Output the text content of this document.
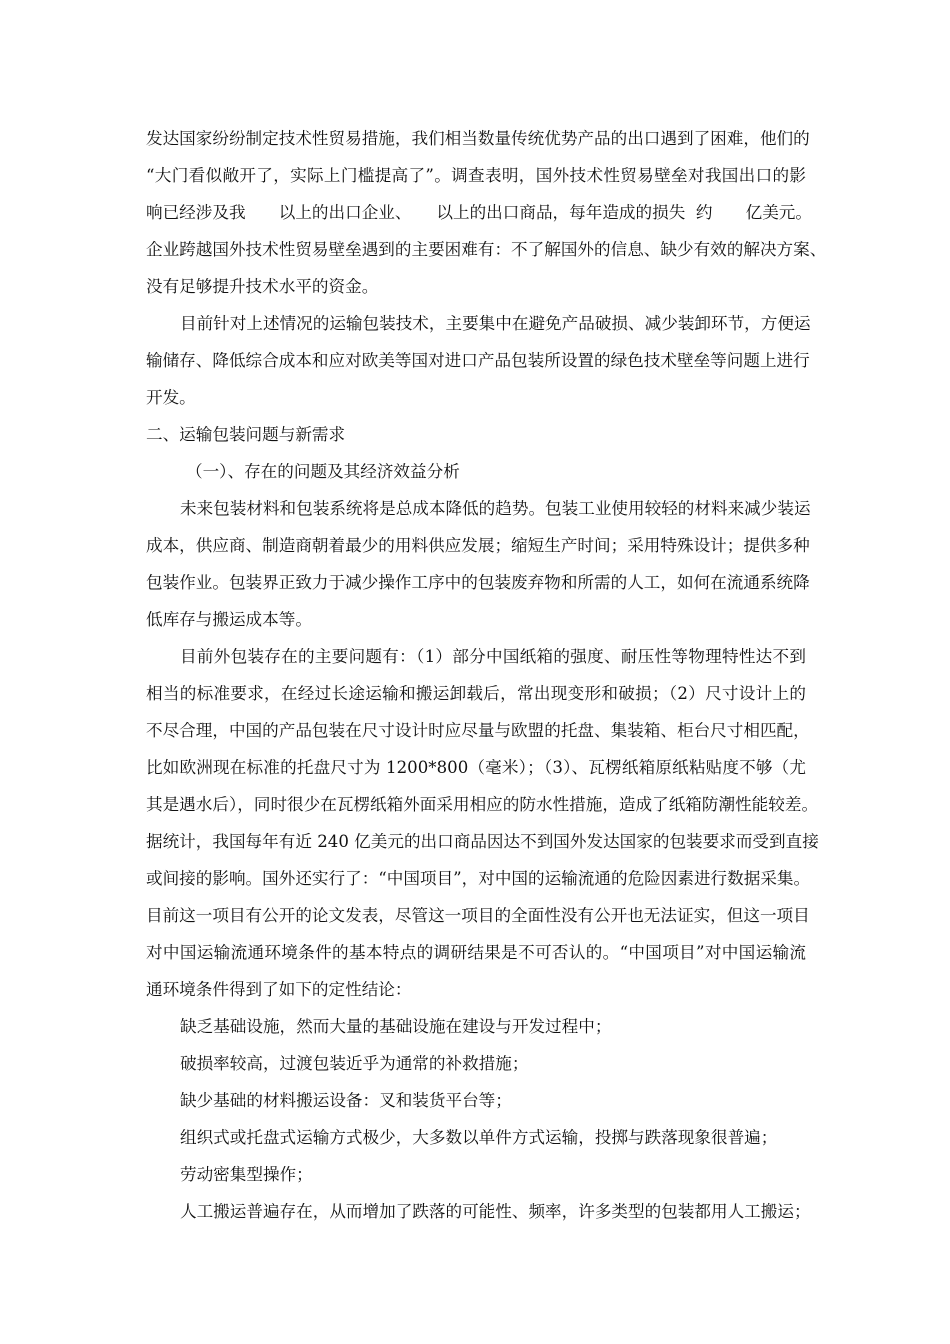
发达国家纷纷制定技术性贸易措施，我们相当数量传统优势产品的出口遇到了困难，他们的
“大门看似敞开了，实际上门槛提高了”。调查表明，国外技术性贸易壁垒对我国出口的影
响已经涉及我　　以上的出口企业、　　以上的出口商品，每年造成的损失  约　　亿美元。
企业跨越国外技术性贸易壁垒遇到的主要困难有：不了解国外的信息、缺少有效的解决方案、
没有足够提升技术水平的资金。
目前针对上述情况的运输包装技术，主要集中在避免产品破损、减少装卸环节，方便运
输储存、降低综合成本和应对欧美等国对进口产品包装所设置的绿色技术壁垒等问题上进行
开发。
二、运输包装问题与新需求
（一）、存在的问题及其经济效益分析
未来包装材料和包装系统将是总成本降低的趋势。包装工业使用较轻的材料来减少装运
成本，供应商、制造商朝着最少的用料供应发展；缩短生产时间；采用特殊设计；提供多种
包装作业。包装界正致力于减少操作工序中的包装废弃物和所需的人工，如何在流通系统降
低库存与搬运成本等。
目前外包装存在的主要问题有：（1）部分中国纸箱的强度、耐压性等物理特性达不到
相当的标准要求，在经过长途运输和搬运卸载后，常出现变形和破损；（2）尺寸设计上的
不尽合理，中国的产品包装在尺寸设计时应尽量与欧盟的托盘、集装箱、柜台尺寸相匹配，
比如欧洲现在标准的托盘尺寸为 1200*800（毫米）；（3）、瓦楞纸箱原纸粘贴度不够（尤
其是遇水后），同时很少在瓦楞纸箱外面采用相应的防水性措施，造成了纸箱防潮性能较差。
据统计，我国每年有近 240 亿美元的出口商品因达不到国外发达国家的包装要求而受到直接
或间接的影响。国外还实行了：“中国项目”，对中国的运输流通的危险因素进行数据采集。
目前这一项目有公开的论文发表，尽管这一项目的全面性没有公开也无法证实，但这一项目
对中国运输流通环境条件的基本特点的调研结果是不可否认的。“中国项目”对中国运输流
通环境条件得到了如下的定性结论：
缺乏基础设施，然而大量的基础设施在建设与开发过程中；
破损率较高，过渡包装近乎为通常的补救措施；
缺少基础的材料搬运设备：叉和装货平台等；
组织式或托盘式运输方式极少，大多数以单件方式运输，投掷与跌落现象很普遍；
劳动密集型操作；
人工搬运普遍存在，从而增加了跌落的可能性、频率，许多类型的包装都用人工搬运；
